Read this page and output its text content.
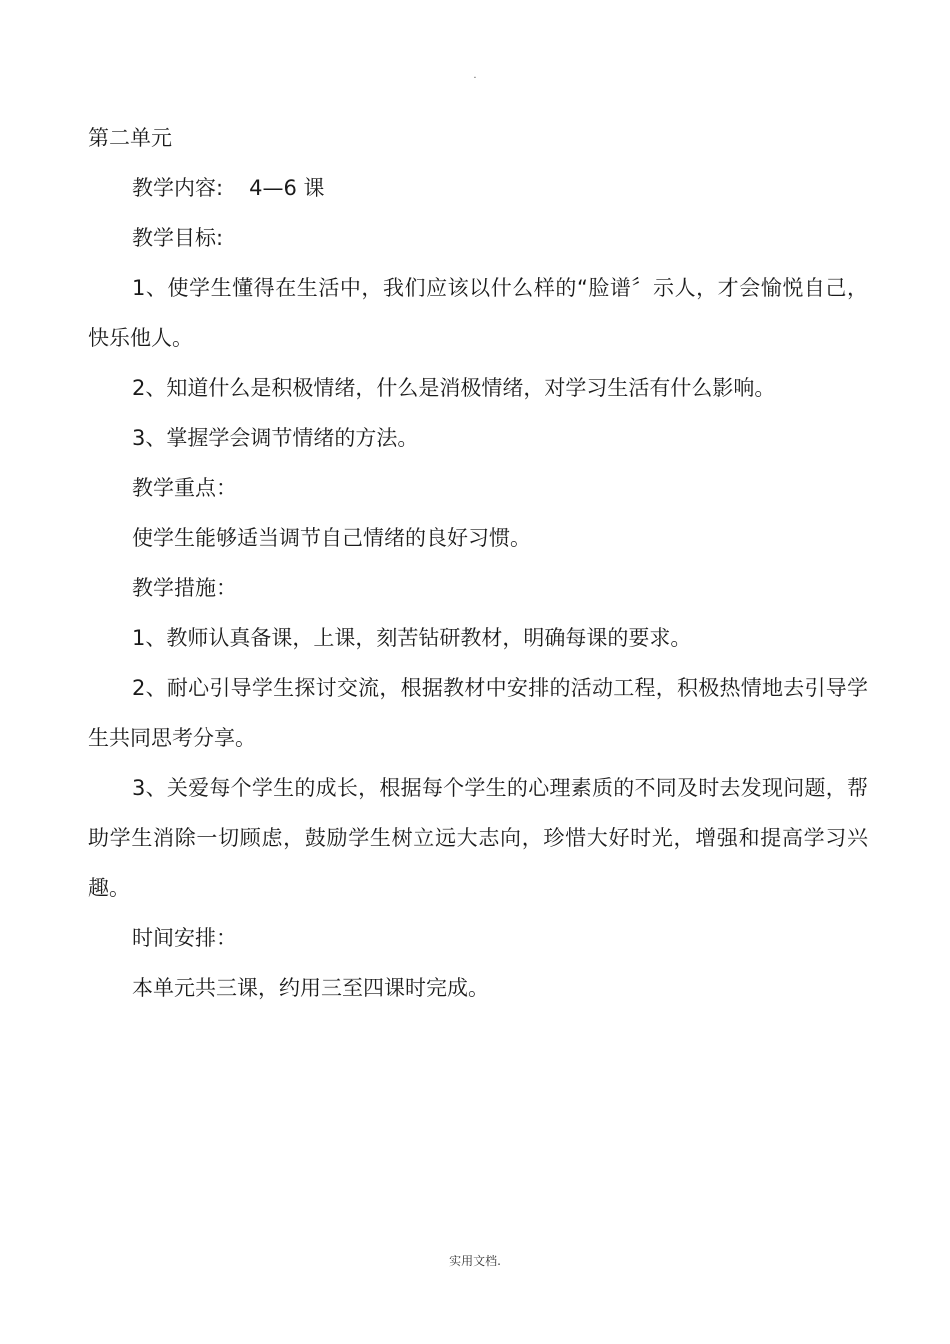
.
第二单元
教学内容: 4—6 课
教学目标:
1、使学生懂得在生活中，我们应该以什么样的“脸谱〞示人，才会愉悦自己，快乐他人。
2、知道什么是积极情绪，什么是消极情绪，对学习生活有什么影响。
3、掌握学会调节情绪的方法。
教学重点：
使学生能够适当调节自己情绪的良好习惯。
教学措施：
1、教师认真备课，上课，刻苦钻研教材，明确每课的要求。
2、耐心引导学生探讨交流，根据教材中安排的活动工程，积极热情地去引导学生共同思考分享。
3、关爱每个学生的成长，根据每个学生的心理素质的不同及时去发现问题，帮助学生消除一切顾虑，鼓励学生树立远大志向，珍惜大好时光，增强和提高学习兴趣。
时间安排：
本单元共三课，约用三至四课时完成。
实用文档.
